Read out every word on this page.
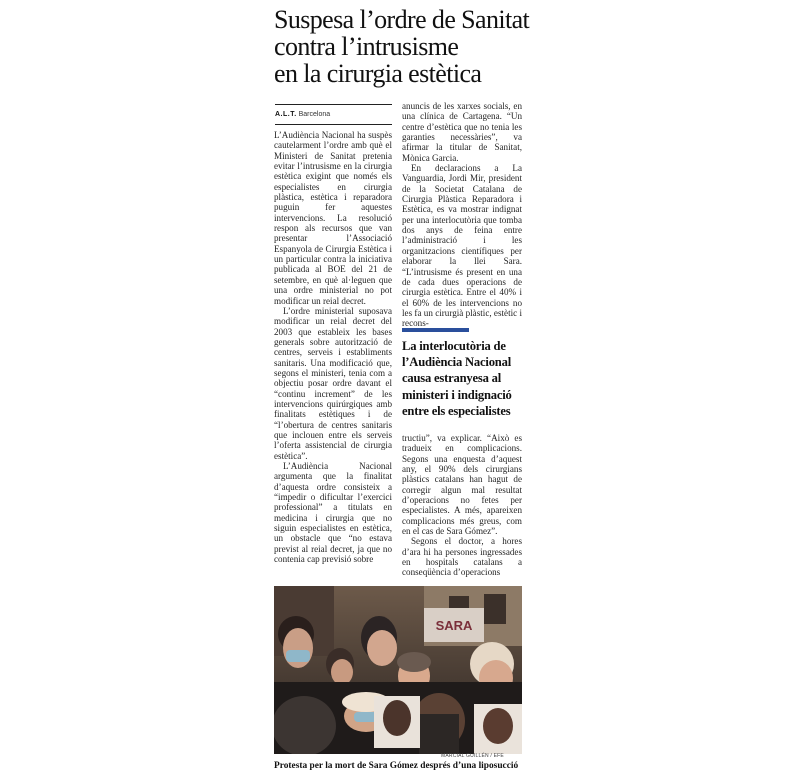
Suspesa l’ordre de Sanitat
contra l’intrusisme
en la cirurgia estètica
A.L.T. Barcelona

L’Audiència Nacional ha suspès cautelarment l’ordre amb què el Ministeri de Sanitat pretenia evitar l’intrusisme en la cirurgia estètica exigint que només els especialistes en cirurgia plàstica, estètica i reparadora puguin fer aquestes intervencions. La resolució respon als recursos que van presentar l’Associació Espanyola de Cirurgia Estètica i un particular contra la iniciativa publicada al BOE del 21 de setembre, en què al·leguen que una ordre ministerial no pot modificar un reial decret.

L’ordre ministerial suposava modificar un reial decret del 2003 que estableix les bases generals sobre autorització de centres, serveis i establiments sanitaris. Una modificació que, segons el ministeri, tenia com a objectiu posar ordre davant el “continu increment” de les intervencions quirúrgiques amb finalitats estètiques i de “l’obertura de centres sanitaris que inclouen entre els serveis l’oferta assistencial de cirurgia estètica”.

L’Audiència Nacional argumenta que la finalitat d’aquesta ordre consisteix a “impedir o dificultar l’exercici professional” a titulats en medicina i cirurgia que no siguin especialistes en estètica, un obstacle que “no estava previst al reial decret, ja que no contenia cap previsió sobre

anuncis de les xarxes socials, en una clínica de Cartagena. “Un centre d’estètica que no tenia les garanties necessàries”, va afirmar la titular de Sanitat, Mònica Garcia.

En declaracions a La Vanguardia, Jordi Mir, president de la Societat Catalana de Cirurgia Plàstica Reparadora i Estètica, es va mostrar indignat per una interlocutòria que tomba dos anys de feina entre l’administració i les organitzacions científiques per elaborar la llei Sara. “L’intrusisme és present en una de cada dues operacions de cirurgia estètica. Entre el 40% i el 60% de les intervencions no les fa un cirurgià plàstic, estètic i recons-

La interlocutòria de
l’Audiència Nacional
causa estranyesa al
ministeri i indignació
entre els especialistes

tructiu”, va explicar. “Això es tradueix en complicacions. Segons una enquesta d’aquest any, el 90% dels cirurgians plàstics catalans han hagut de corregir algun mal resultat d’operacions no fetes per especialistes. A més, apareixen complicacions més greus, com en el cas de Sara Gómez”.

Segons el doctor, a hores d’ara hi ha persones ingressades en hospitals catalans a conseqüència d’operacions

SARA
MARCIAL GUILLÉN / EFE
Protesta per la mort de Sara Gómez després d’una liposucció
